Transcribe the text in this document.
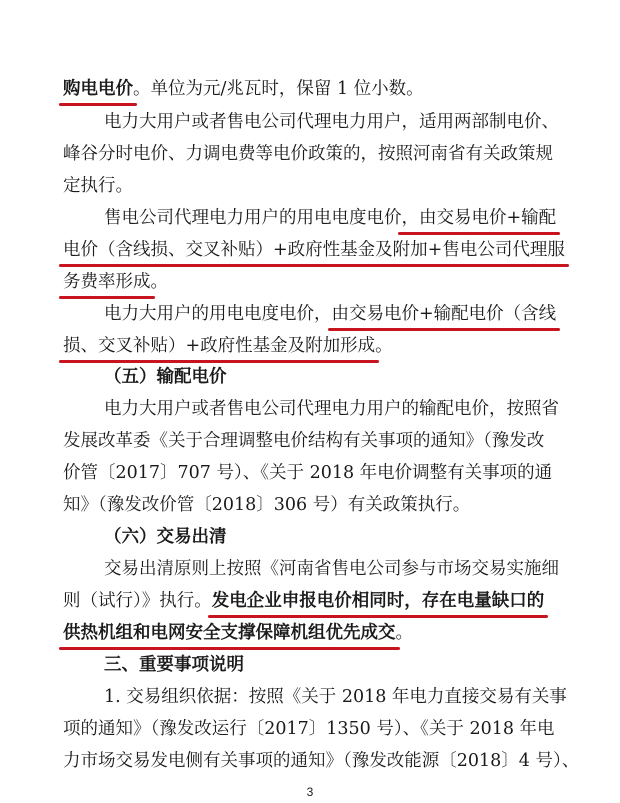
购电电价。单位为元/兆瓦时，保留 1 位小数。
电力大用户或者售电公司代理电力用户，适用两部制电价、
峰谷分时电价、力调电费等电价政策的，按照河南省有关政策规
定执行。
售电公司代理电力用户的用电电度电价，由交易电价+输配
电价（含线损、交叉补贴）+政府性基金及附加+售电公司代理服
务费率形成。
电力大用户的用电电度电价，由交易电价+输配电价（含线
损、交叉补贴）+政府性基金及附加形成。
（五）输配电价
电力大用户或者售电公司代理电力用户的输配电价，按照省
发展改革委《关于合理调整电价结构有关事项的通知》（豫发改
价管〔2017〕707 号）、《关于 2018 年电价调整有关事项的通
知》（豫发改价管〔2018〕306 号）有关政策执行。
（六）交易出清
交易出清原则上按照《河南省售电公司参与市场交易实施细
则（试行）》执行。发电企业申报电价相同时，存在电量缺口的
供热机组和电网安全支撑保障机组优先成交。
三、重要事项说明
1. 交易组织依据：按照《关于 2018 年电力直接交易有关事
项的通知》（豫发改运行〔2017〕1350 号）、《关于 2018 年电
力市场交易发电侧有关事项的通知》（豫发改能源〔2018〕4 号）、
3
